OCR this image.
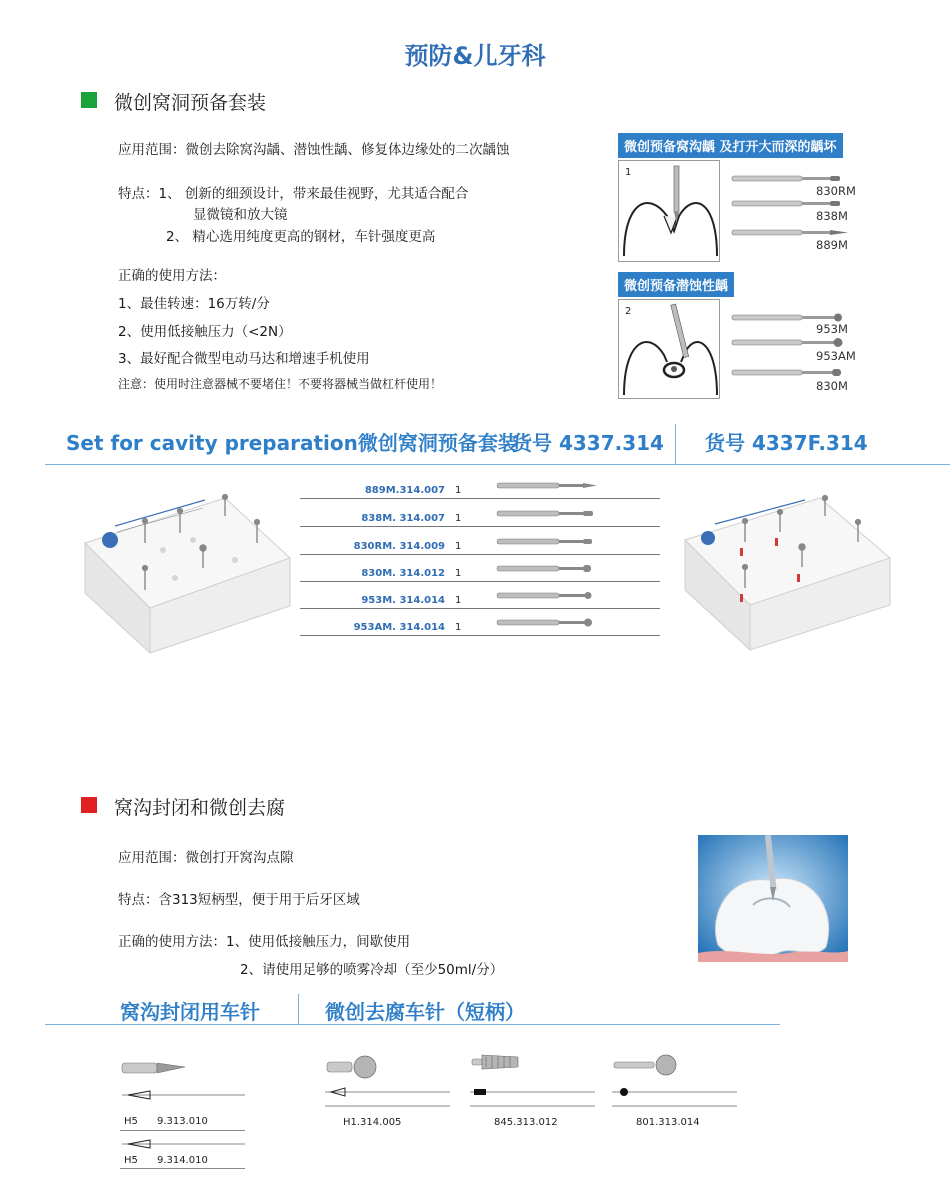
预防&儿牙科
微创窝洞预备套装
应用范围：微创去除窝沟龋、潜蚀性龋、修复体边缘处的二次龋蚀
特点：1、 创新的细颈设计，带来最佳视野，尤其适合配合
显微镜和放大镜
2、 精心选用纯度更高的钢材，车针强度更高
正确的使用方法：
1、最佳转速：16万转/分
2、使用低接触压力（<2N）
3、最好配合微型电动马达和增速手机使用
注意：使用时注意器械不要堵住！不要将器械当做杠杆使用！
微创预备窝沟龋 及打开大而深的龋坏
1
830RM
838M
889M
微创预备潜蚀性龋
2
953M
953AM
830M
Set for cavity preparation微创窝洞预备套装
货号 4337.314 货号 4337F.314
889M.314.007 1
838M. 314.007 1
830RM. 314.009 1
830M. 314.012 1
953M. 314.014 1
953AM. 314.014 1
窝沟封闭和微创去腐
应用范围：微创打开窝沟点隙
特点：含313短柄型，便于用于后牙区域
正确的使用方法：1、使用低接触压力，间歇使用
2、请使用足够的喷雾冷却（至少50ml/分）
窝沟封闭用车针	微创去腐车针（短柄）
H5 9.313.010
H5 9.314.010
H1.314.005	845.313.012	801.313.014
